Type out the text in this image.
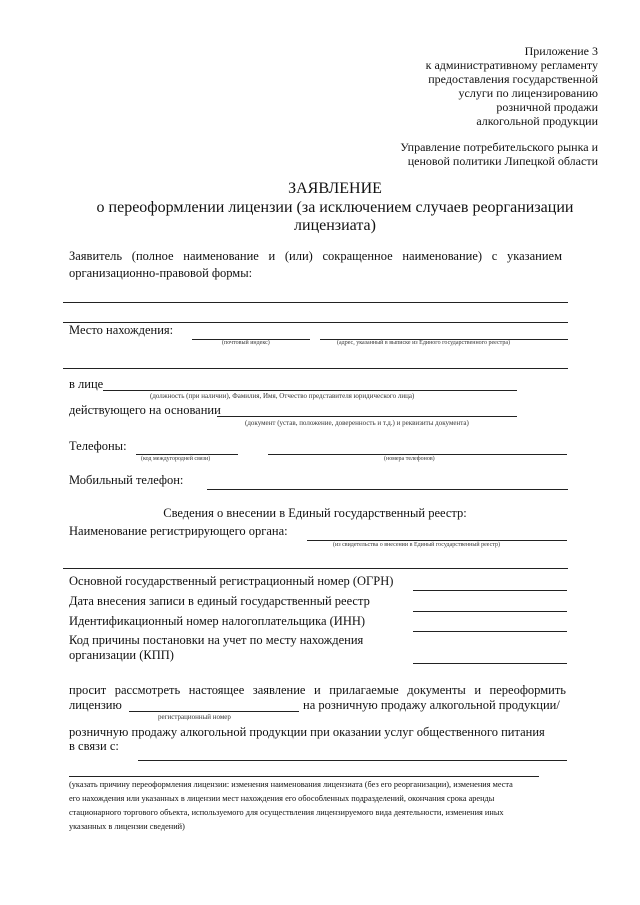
Приложение 3
к административному регламенту
предоставления государственной
услуги по лицензированию
розничной продажи
алкогольной продукции
Управление потребительского рынка и
ценовой политики Липецкой области
ЗАЯВЛЕНИЕ
о переоформлении лицензии (за исключением случаев реорганизации
лицензиата)
Заявитель (полное наименование и (или) сокращенное наименование) с указанием
организационно-правовой формы:
Место нахождения:
(почтовый индекс)	(адрес, указанный в выписке из Единого государственного реестра)
в лице
(должность (при наличии), Фамилия, Имя, Отчество представителя юридического лица)
действующего на основании
(документ (устав, положение, доверенность и т.д.) и реквизиты документа)
Телефоны:
(код междугородней связи)	(номера телефонов)
Мобильный телефон:
Сведения о внесении в Единый государственный реестр:
Наименование регистрирующего органа:
(из свидетельства о внесении в Единый государственный реестр)
Основной государственный регистрационный номер (ОГРН)
Дата внесения записи в единый государственный реестр
Идентификационный номер налогоплательщика (ИНН)
Код причины постановки на учет по месту нахождения
организации (КПП)
просит рассмотреть настоящее заявление и прилагаемые документы и переоформить
лицензию	на розничную продажу алкогольной продукции/
регистрационный номер
розничную продажу алкогольной продукции при оказании услуг общественного питания
в связи с:
(указать причину переоформления лицензии: изменения наименования лицензиата (без его реорганизации), изменения места
его нахождения или указанных в лицензии мест нахождения его обособленных подразделений, окончания срока аренды
стационарного торгового объекта, используемого для осуществления лицензируемого вида деятельности, изменения иных
указанных в лицензии сведений)
